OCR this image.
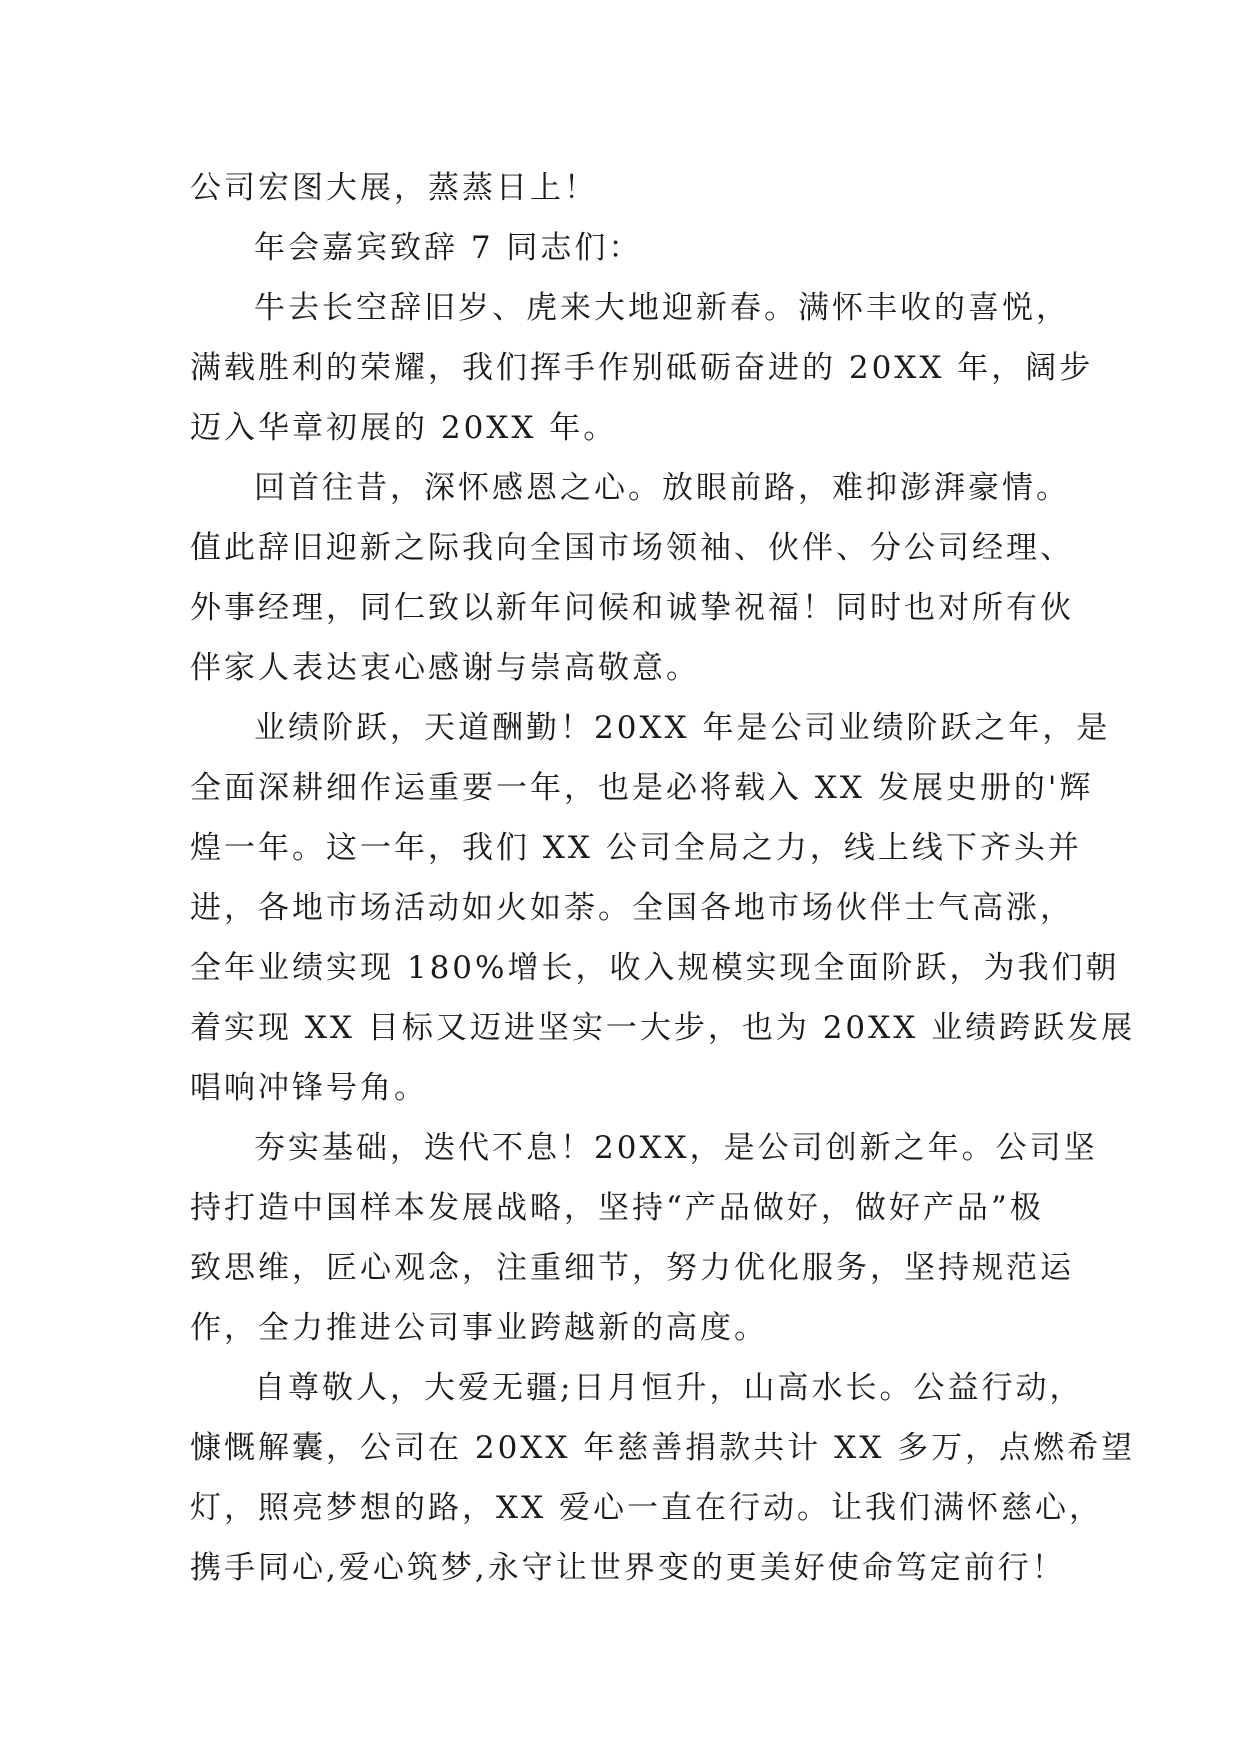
公司宏图大展，蒸蒸日上！

年会嘉宾致辞 7 同志们：

牛去长空辞旧岁、虎来大地迎新春。满怀丰收的喜悦，
满载胜利的荣耀，我们挥手作别砥砺奋进的 20XX 年，阔步
迈入华章初展的 20XX 年。

回首往昔，深怀感恩之心。放眼前路，难抑澎湃豪情。
值此辞旧迎新之际我向全国市场领袖、伙伴、分公司经理、
外事经理，同仁致以新年问候和诚挚祝福！同时也对所有伙
伴家人表达衷心感谢与崇高敬意。

业绩阶跃，天道酬勤！20XX 年是公司业绩阶跃之年，是
全面深耕细作运重要一年，也是必将载入 XX 发展史册的'辉
煌一年。这一年，我们 XX 公司全局之力，线上线下齐头并
进，各地市场活动如火如荼。全国各地市场伙伴士气高涨，
全年业绩实现 180%增长，收入规模实现全面阶跃，为我们朝
着实现 XX 目标又迈进坚实一大步，也为 20XX 业绩跨跃发展
唱响冲锋号角。

夯实基础，迭代不息！20XX，是公司创新之年。公司坚
持打造中国样本发展战略，坚持“产品做好，做好产品”极
致思维，匠心观念，注重细节，努力优化服务，坚持规范运
作，全力推进公司事业跨越新的高度。

自尊敬人，大爱无疆;日月恒升，山高水长。公益行动，
慷慨解囊，公司在 20XX 年慈善捐款共计 XX 多万，点燃希望
灯，照亮梦想的路，XX 爱心一直在行动。让我们满怀慈心，
携手同心,爱心筑梦,永守让世界变的更美好使命笃定前行！
